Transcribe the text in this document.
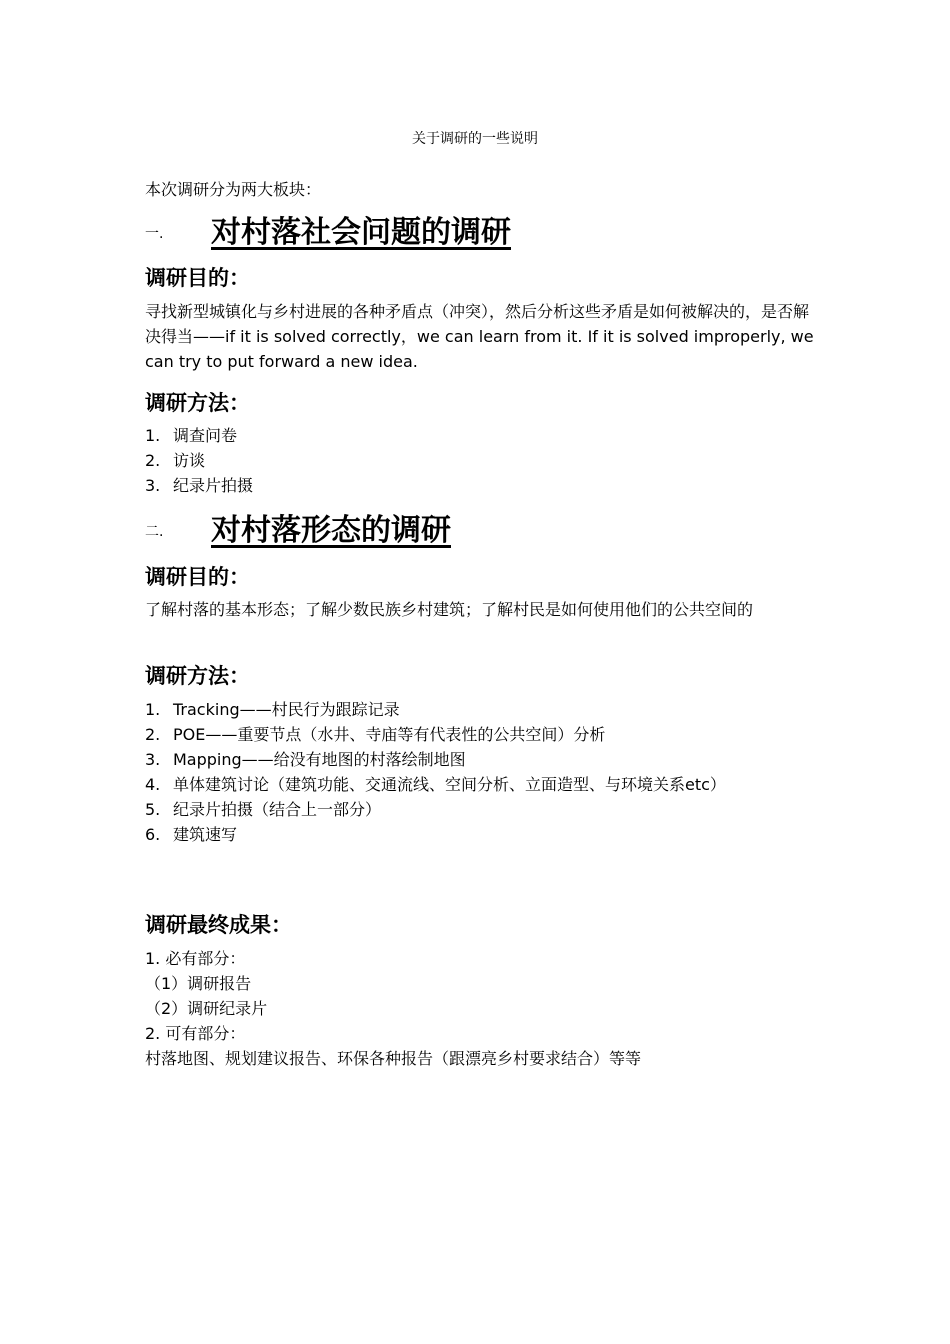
关于调研的一些说明
本次调研分为两大板块：
一. 对村落社会问题的调研
调研目的：
寻找新型城镇化与乡村进展的各种矛盾点（冲突），然后分析这些矛盾是如何被解决的，是否解决得当——if it is solved correctly，we can learn from it. If it is solved improperly, we can try to put forward a new idea.
调研方法：
1. 调查问卷
2. 访谈
3. 纪录片拍摄
二. 对村落形态的调研
调研目的：
了解村落的基本形态；了解少数民族乡村建筑；了解村民是如何使用他们的公共空间的
调研方法：
1. Tracking——村民行为跟踪记录
2. POE——重要节点（水井、寺庙等有代表性的公共空间）分析
3. Mapping——给没有地图的村落绘制地图
4. 单体建筑讨论（建筑功能、交通流线、空间分析、立面造型、与环境关系etc）
5. 纪录片拍摄（结合上一部分）
6. 建筑速写
调研最终成果：
1. 必有部分：
（1）调研报告
（2）调研纪录片
2. 可有部分：
村落地图、规划建议报告、环保各种报告（跟漂亮乡村要求结合）等等
